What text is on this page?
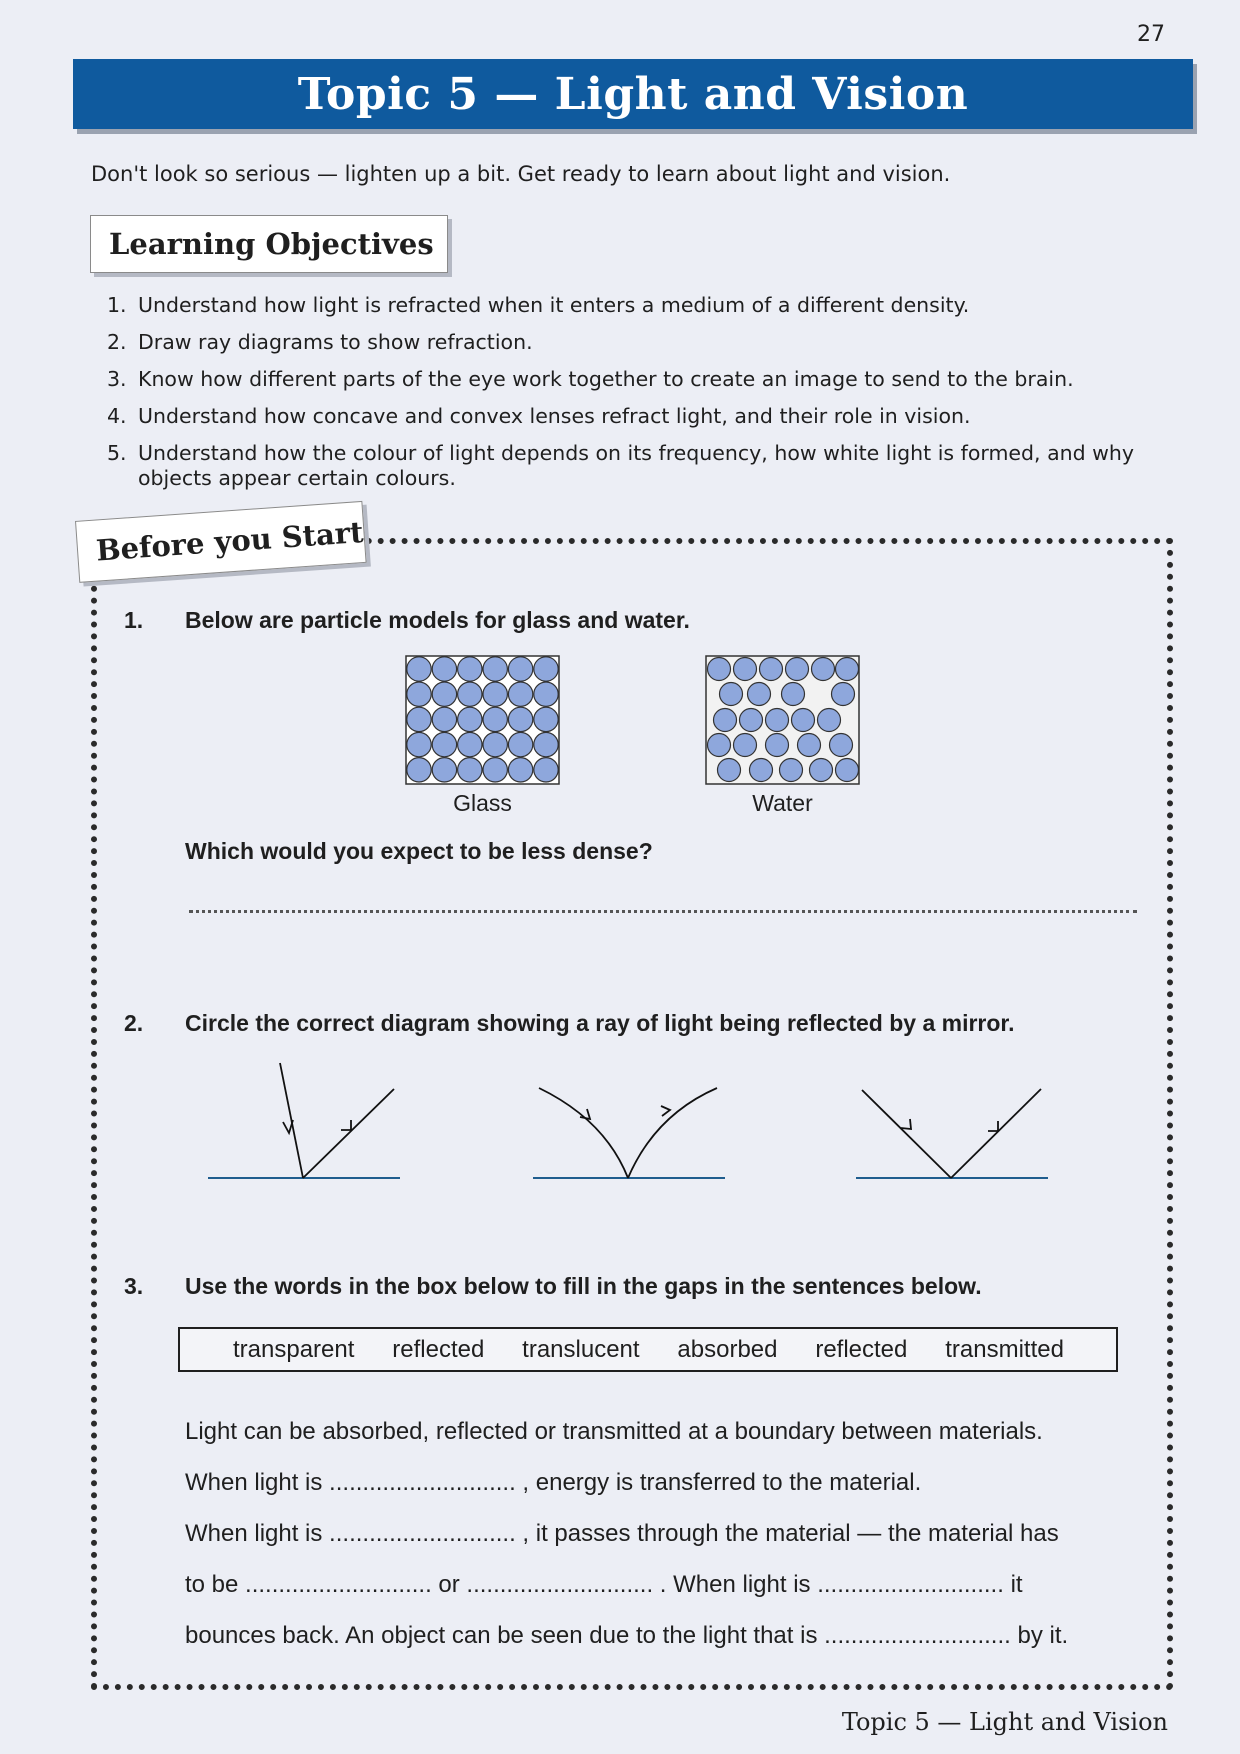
27
Topic 5 — Light and Vision
Don't look so serious — lighten up a bit. Get ready to learn about light and vision.
Learning Objectives
1. Understand how light is refracted when it enters a medium of a different density.
2. Draw ray diagrams to show refraction.
3. Know how different parts of the eye work together to create an image to send to the brain.
4. Understand how concave and convex lenses refract light, and their role in vision.
5. Understand how the colour of light depends on its frequency, how white light is formed, and why objects appear certain colours.
Before you Start
1. Below are particle models for glass and water.
Glass	Water
Which would you expect to be less dense?
2. Circle the correct diagram showing a ray of light being reflected by a mirror.
3. Use the words in the box below to fill in the gaps in the sentences below.
transparent reflected translucent absorbed reflected transmitted

Light can be absorbed, reflected or transmitted at a boundary between materials.

When light is ............................ , energy is transferred to the material.

When light is ............................ , it passes through the material — the material has

to be ............................ or ............................ . When light is ............................ it

bounces back. An object can be seen due to the light that is ............................ by it.

Topic 5 — Light and Vision
